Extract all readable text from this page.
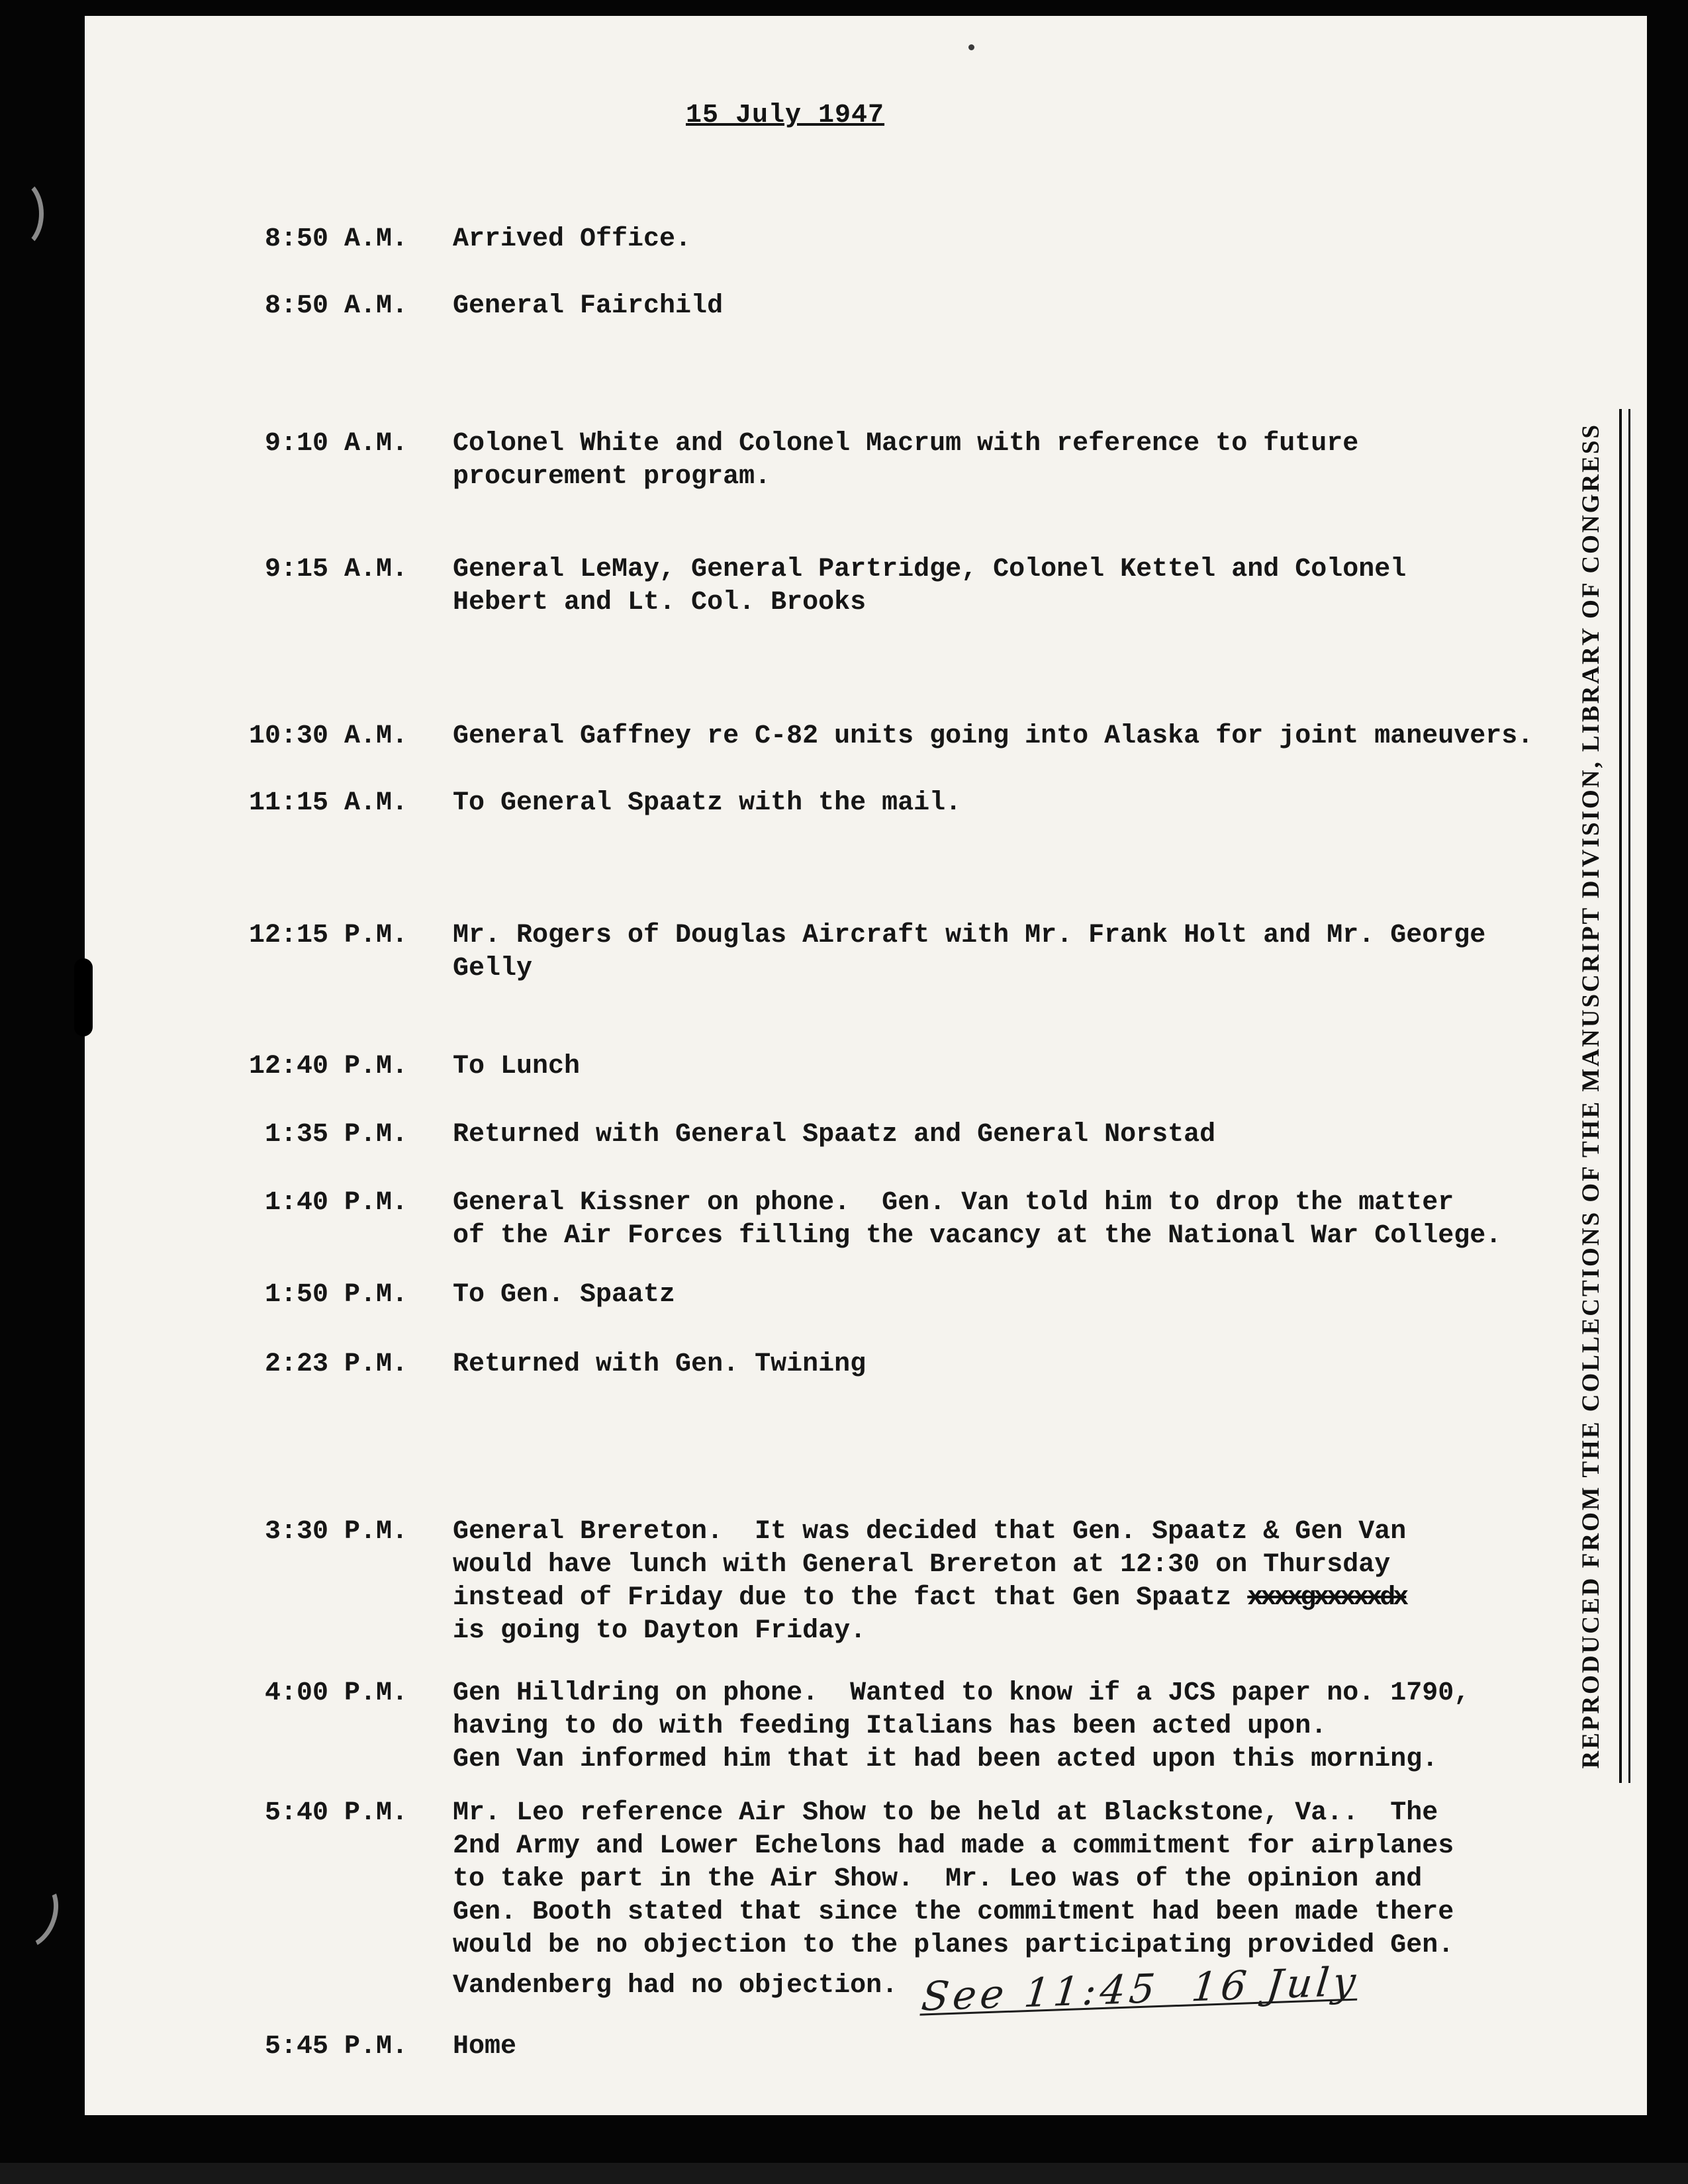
15 July 1947
8:50 A.M. Arrived Office.
8:50 A.M. General Fairchild
9:10 A.M. Colonel White and Colonel Macrum with reference to future
procurement program.
9:15 A.M. General LeMay, General Partridge, Colonel Kettel and Colonel
Hebert and Lt. Col. Brooks
10:30 A.M. General Gaffney re C-82 units going into Alaska for joint maneuvers.
11:15 A.M. To General Spaatz with the mail.
12:15 P.M. Mr. Rogers of Douglas Aircraft with Mr. Frank Holt and Mr. George
Gelly
12:40 P.M. To Lunch
1:35 P.M. Returned with General Spaatz and General Norstad
1:40 P.M. General Kissner on phone.  Gen. Van told him to drop the matter
of the Air Forces filling the vacancy at the National War College.
1:50 P.M. To Gen. Spaatz
2:23 P.M. Returned with Gen. Twining
3:30 P.M. General Brereton.  It was decided that Gen. Spaatz & Gen Van
would have lunch with General Brereton at 12:30 on Thursday
instead of Friday due to the fact that Gen Spaatz xxxxgxxxxxdx
is going to Dayton Friday.
4:00 P.M. Gen Hilldring on phone.  Wanted to know if a JCS paper no. 1790,
having to do with feeding Italians has been acted upon.
Gen Van informed him that it had been acted upon this morning.
5:40 P.M. Mr. Leo reference Air Show to be held at Blackstone, Va..  The
2nd Army and Lower Echelons had made a commitment for airplanes
to take part in the Air Show.  Mr. Leo was of the opinion and
Gen. Booth stated that since the commitment had been made there
would be no objection to the planes participating provided Gen.
Vandenberg had no objection. See 11:45  16 July
5:45 P.M. Home
REPRODUCED FROM THE COLLECTIONS OF THE MANUSCRIPT DIVISION, LIBRARY OF CONGRESS
